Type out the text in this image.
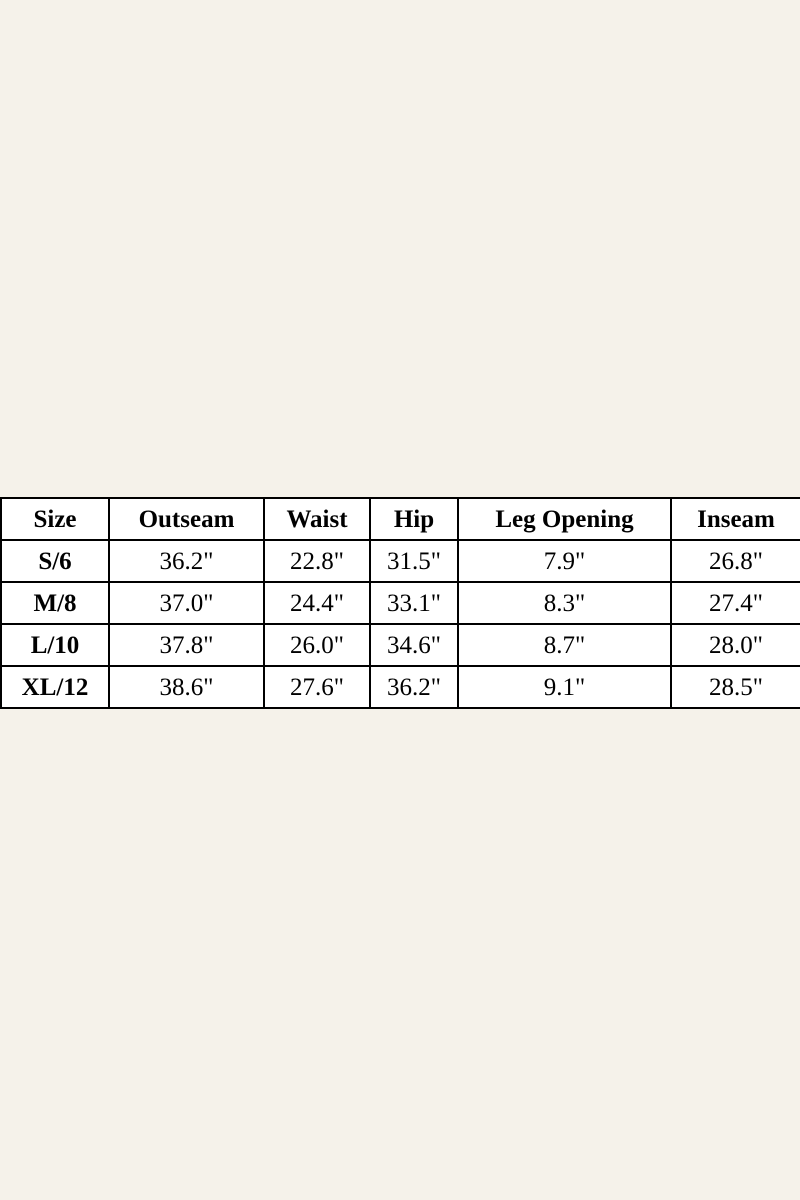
Size	Outseam	Waist	Hip	Leg Opening	Inseam
S/6	36.2"	22.8"	31.5"	7.9"	26.8"
M/8	37.0"	24.4"	33.1"	8.3"	27.4"
L/10	37.8"	26.0"	34.6"	8.7"	28.0"
XL/12	38.6"	27.6"	36.2"	9.1"	28.5"
